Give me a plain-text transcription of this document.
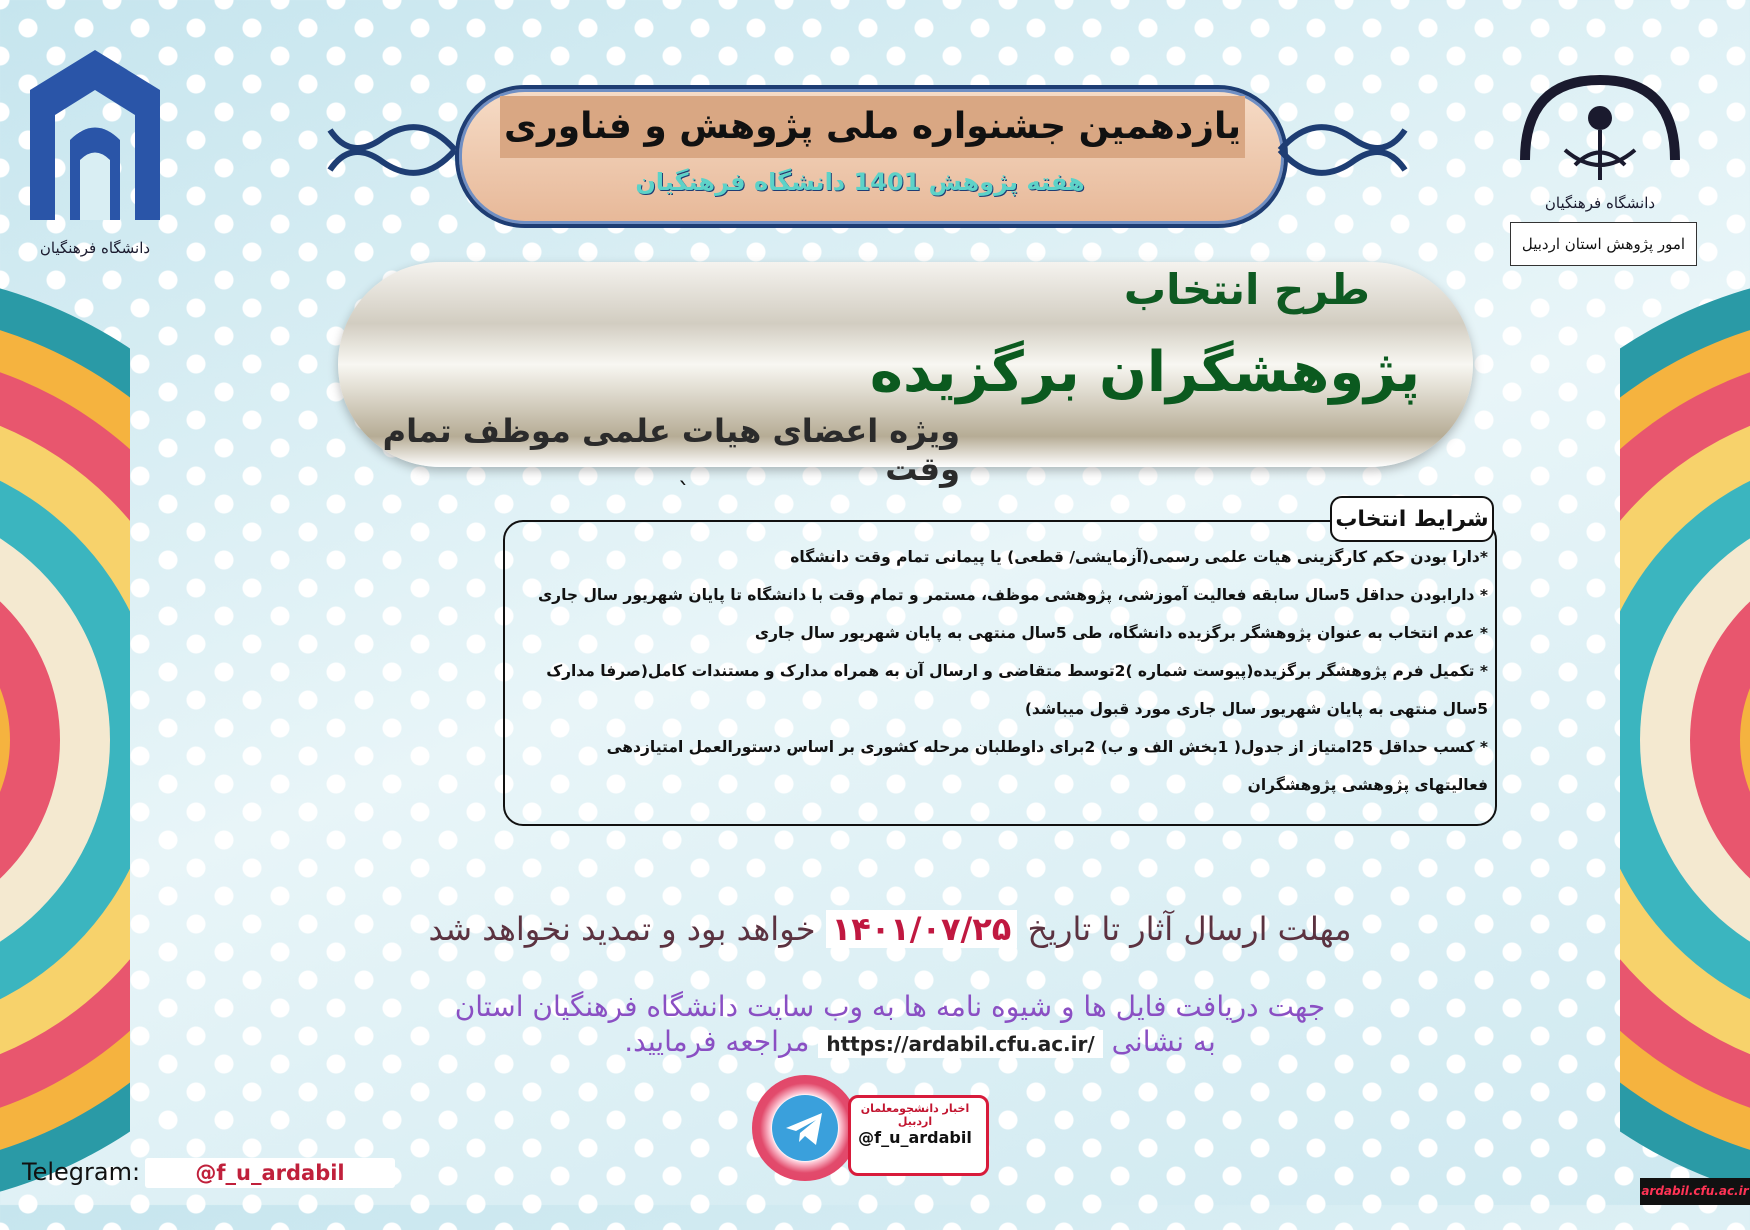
دانشگاه فرهنگیان
دانشگاه فرهنگیان
امور پژوهش استان اردبیل
یازدهمین جشنواره ملی پژوهش و فناوری
هفته پژوهش 1401 دانشگاه فرهنگیان
طرح انتخاب
پژوهشگران برگزیده
ویژه اعضای هیات علمی موظف تمام وقت
`
شرایط انتخاب
*دارا بودن حکم کارگزینی هیات علمی رسمی(آزمایشی/ قطعی) یا پیمانی تمام وقت دانشگاه
* دارابودن حداقل 5سال سابقه فعالیت آموزشی، پژوهشی موظف، مستمر و تمام وقت با دانشگاه تا پایان شهریور سال جاری
* عدم انتخاب به عنوان پژوهشگر برگزیده دانشگاه، طی 5سال منتهی به پایان شهریور سال جاری
* تکمیل فرم پژوهشگر برگزیده(پیوست شماره )2توسط متقاضی و ارسال آن به همراه مدارک و مستندات کامل(صرفا مدارک
5سال منتهی به پایان شهریور سال جاری مورد قبول میباشد)
* کسب حداقل 25امتیاز از جدول( 1بخش الف و ب) 2برای داوطلبان مرحله کشوری بر اساس دستورالعمل امتیازدهی
فعالیتهای پژوهشی پژوهشگران
مهلت ارسال آثار تا تاریخ ۱۴۰۱/۰۷/۲۵ خواهد بود و تمدید نخواهد شد
جهت دریافت فایل ها و شیوه نامه ها به وب سایت دانشگاه فرهنگیان استان
به نشانی https://ardabil.cfu.ac.ir/ مراجعه فرمایید.
اخبار دانشجومعلمان اردبیل
@f_u_ardabil
Telegram:	@f_u_ardabil
ardabil.cfu.ac.ir
